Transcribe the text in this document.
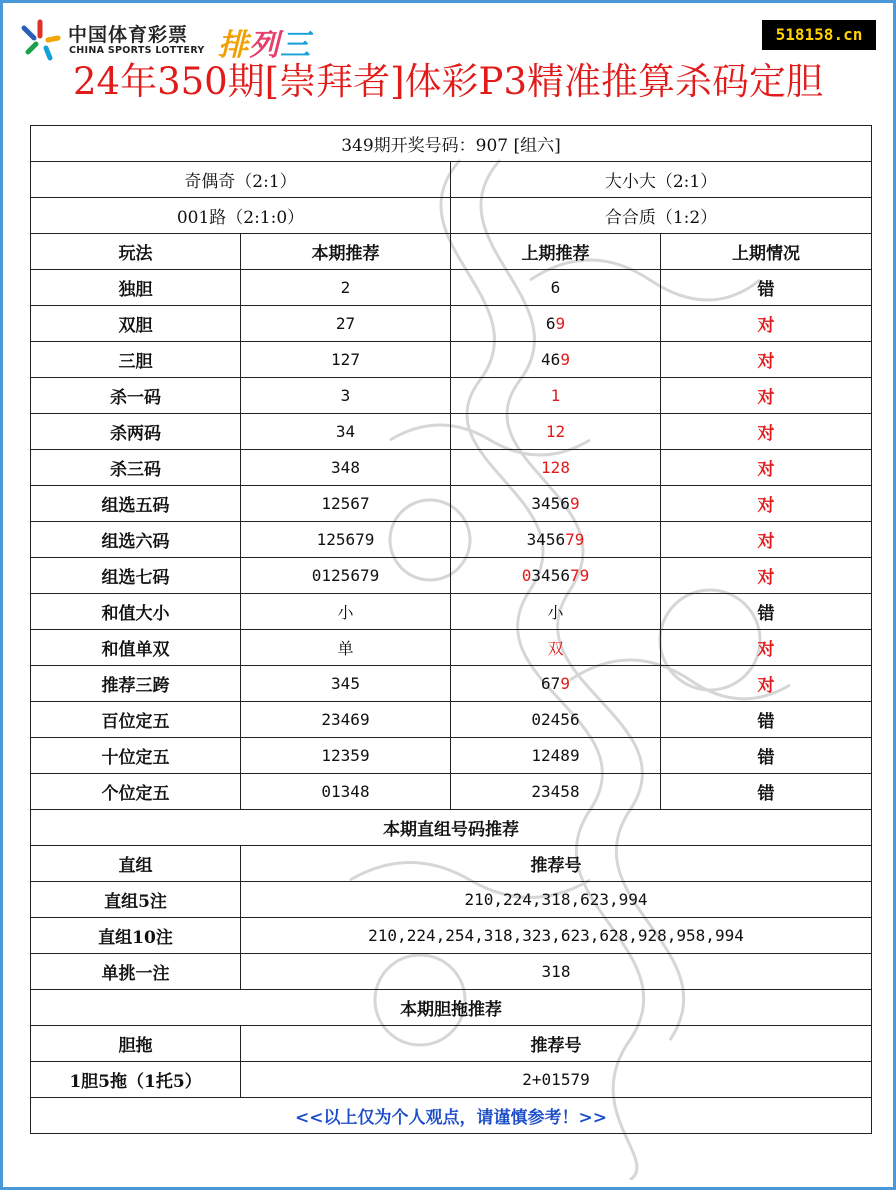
中国体育彩票
CHINA SPORTS LOTTERY 排列三	518158.cn
24年350期[崇拜者]体彩P3精准推算杀码定胆
349期开奖号码：907 [组六]			
奇偶奇（2:1）		大小大（2:1）	
001路（2:1:0）		合合质（1:2）	
玩法	本期推荐	上期推荐	上期情况
独胆	2	6	错
双胆	27	69	对
三胆	127	469	对
杀一码	3	1	对
杀两码	34	12	对
杀三码	348	128	对
组选五码	12567	34569	对
组选六码	125679	345679	对
组选七码	0125679	0345679	对
和值大小	小	小	错
和值单双	单	双	对
推荐三跨	345	679	对
百位定五	23469	02456	错
十位定五	12359	12489	错
个位定五	01348	23458	错
本期直组号码推荐			
直组	推荐号		
直组5注	210,224,318,623,994		
直组10注	210,224,254,318,323,623,628,928,958,994		
单挑一注	318		
本期胆拖推荐			
胆拖	推荐号		
1胆5拖（1托5）	2+01579		
<<以上仅为个人观点，请谨慎参考！>>			
